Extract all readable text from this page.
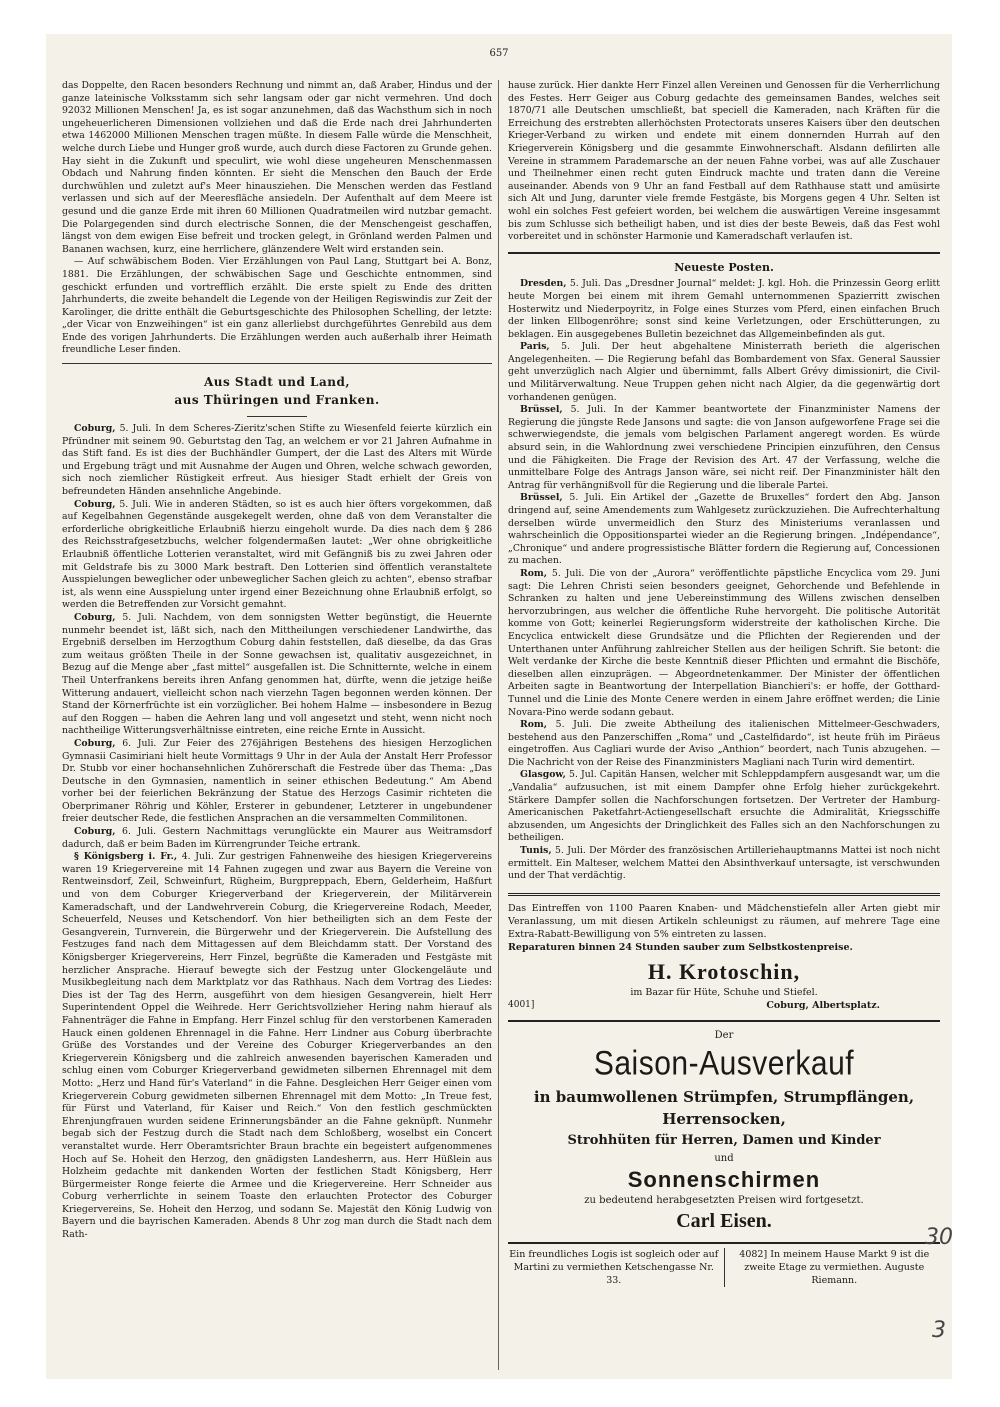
657

das Doppelte, den Racen besonders Rechnung und nimmt an, daß Araber, Hindus und der ganze lateinische Volksstamm sich sehr langsam oder gar nicht vermehren. Und doch 92032 Millionen Menschen! Ja, es ist sogar anzunehmen, daß das Wachsthum sich in noch ungeheuerlicheren Dimensionen vollziehen und daß die Erde nach drei Jahrhunderten etwa 1462000 Millionen Menschen tragen müßte. In diesem Falle würde die Menschheit, welche durch Liebe und Hunger groß wurde, auch durch diese Factoren zu Grunde gehen. Hay sieht in die Zukunft und speculirt, wie wohl diese ungeheuren Menschenmassen Obdach und Nahrung finden könnten. Er sieht die Menschen den Bauch der Erde durchwühlen und zuletzt auf's Meer hinausziehen. Die Menschen werden das Festland verlassen und sich auf der Meeresfläche ansiedeln. Der Aufenthalt auf dem Meere ist gesund und die ganze Erde mit ihren 60 Millionen Quadratmeilen wird nutzbar gemacht. Die Polargegenden sind durch electrische Sonnen, die der Menschengeist geschaffen, längst von dem ewigen Eise befreit und trocken gelegt, in Grönland werden Palmen und Bananen wachsen, kurz, eine herrlichere, glänzendere Welt wird erstanden sein.

— Auf schwäbischem Boden. Vier Erzählungen von Paul Lang, Stuttgart bei A. Bonz, 1881. Die Erzählungen, der schwäbischen Sage und Geschichte entnommen, sind geschickt erfunden und vortrefflich erzählt. Die erste spielt zu Ende des dritten Jahrhunderts, die zweite behandelt die Legende von der Heiligen Regiswindis zur Zeit der Karolinger, die dritte enthält die Geburtsgeschichte des Philosophen Schelling, der letzte: „der Vicar von Enzweihingen“ ist ein ganz allerliebst durchgeführtes Genrebild aus dem Ende des vorigen Jahrhunderts. Die Erzählungen werden auch außerhalb ihrer Heimath freundliche Leser finden.

Aus Stadt und Land,
aus Thüringen und Franken.

Coburg, 5. Juli. In dem Scheres-Zieritz'schen Stifte zu Wiesenfeld feierte kürzlich ein Pfründner mit seinem 90. Geburtstag den Tag, an welchem er vor 21 Jahren Aufnahme in das Stift fand. Es ist dies der Buchhändler Gumpert, der die Last des Alters mit Würde und Ergebung trägt und mit Ausnahme der Augen und Ohren, welche schwach geworden, sich noch ziemlicher Rüstigkeit erfreut. Aus hiesiger Stadt erhielt der Greis von befreundeten Händen ansehnliche Angebinde.

Coburg, 5. Juli. Wie in anderen Städten, so ist es auch hier öfters vorgekommen, daß auf Kegelbahnen Gegenstände ausgekegelt werden, ohne daß von dem Veranstalter die erforderliche obrigkeitliche Erlaubniß hierzu eingeholt wurde. Da dies nach dem § 286 des Reichsstrafgesetzbuchs, welcher folgendermaßen lautet: „Wer ohne obrigkeitliche Erlaubniß öffentliche Lotterien veranstaltet, wird mit Gefängniß bis zu zwei Jahren oder mit Geldstrafe bis zu 3000 Mark bestraft. Den Lotterien sind öffentlich veranstaltete Ausspielungen beweglicher oder unbeweglicher Sachen gleich zu achten“, ebenso strafbar ist, als wenn eine Ausspielung unter irgend einer Bezeichnung ohne Erlaubniß erfolgt, so werden die Betreffenden zur Vorsicht gemahnt.

Coburg, 5. Juli. Nachdem, von dem sonnigsten Wetter begünstigt, die Heuernte nunmehr beendet ist, läßt sich, nach den Mittheilungen verschiedener Landwirthe, das Ergebniß derselben im Herzogthum Coburg dahin feststellen, daß dieselbe, da das Gras zum weitaus größten Theile in der Sonne gewachsen ist, qualitativ ausgezeichnet, in Bezug auf die Menge aber „fast mittel“ ausgefallen ist. Die Schnitternte, welche in einem Theil Unterfrankens bereits ihren Anfang genommen hat, dürfte, wenn die jetzige heiße Witterung andauert, vielleicht schon nach vierzehn Tagen begonnen werden können. Der Stand der Körnerfrüchte ist ein vorzüglicher. Bei hohem Halme — insbesondere in Bezug auf den Roggen — haben die Aehren lang und voll angesetzt und steht, wenn nicht noch nachtheilige Witterungsverhältnisse eintreten, eine reiche Ernte in Aussicht.

Coburg, 6. Juli. Zur Feier des 276jährigen Bestehens des hiesigen Herzoglichen Gymnasii Casimiriani hielt heute Vormittags 9 Uhr in der Aula der Anstalt Herr Professor Dr. Stubb vor einer hochansehnlichen Zuhörerschaft die Festrede über das Thema: „Das Deutsche in den Gymnasien, namentlich in seiner ethischen Bedeutung.“ Am Abend vorher bei der feierlichen Bekränzung der Statue des Herzogs Casimir richteten die Oberprimaner Röhrig und Köhler, Ersterer in gebundener, Letzterer in ungebundener freier deutscher Rede, die festlichen Ansprachen an die versammelten Commilitonen.

Coburg, 6. Juli. Gestern Nachmittags verunglückte ein Maurer aus Weitramsdorf dadurch, daß er beim Baden im Kürrengrunder Teiche ertrank.

§ Königsberg i. Fr., 4. Juli. Zur gestrigen Fahnenweihe des hiesigen Kriegervereins waren 19 Kriegervereine mit 14 Fahnen zugegen und zwar aus Bayern die Vereine von Rentweinsdorf, Zeil, Schweinfurt, Rügheim, Burgpreppach, Ebern, Gelderheim, Haßfurt und von dem Coburger Kriegerverband der Kriegerverein, der Militärverein Kameradschaft, und der Landwehrverein Coburg, die Kriegervereine Rodach, Meeder, Scheuerfeld, Neuses und Ketschendorf. Von hier betheiligten sich an dem Feste der Gesangverein, Turnverein, die Bürgerwehr und der Kriegerverein. Die Aufstellung des Festzuges fand nach dem Mittagessen auf dem Bleichdamm statt. Der Vorstand des Königsberger Kriegervereins, Herr Finzel, begrüßte die Kameraden und Festgäste mit herzlicher Ansprache. Hierauf bewegte sich der Festzug unter Glockengeläute und Musikbegleitung nach dem Marktplatz vor das Rathhaus. Nach dem Vortrag des Liedes: Dies ist der Tag des Herrn, ausgeführt von dem hiesigen Gesangverein, hielt Herr Superintendent Oppel die Weihrede. Herr Gerichtsvollzieher Hering nahm hierauf als Fahnenträger die Fahne in Empfang. Herr Finzel schlug für den verstorbenen Kameraden Hauck einen goldenen Ehrennagel in die Fahne. Herr Lindner aus Coburg überbrachte Grüße des Vorstandes und der Vereine des Coburger Kriegerverbandes an den Kriegerverein Königsberg und die zahlreich anwesenden bayerischen Kameraden und schlug einen vom Coburger Kriegerverband gewidmeten silbernen Ehrennagel mit dem Motto: „Herz und Hand für's Vaterland“ in die Fahne. Desgleichen Herr Geiger einen vom Kriegerverein Coburg gewidmeten silbernen Ehrennagel mit dem Motto: „In Treue fest, für Fürst und Vaterland, für Kaiser und Reich.“ Von den festlich geschmückten Ehrenjungfrauen wurden seidene Erinnerungsbänder an die Fahne geknüpft. Nunmehr begab sich der Festzug durch die Stadt nach dem Schloßberg, woselbst ein Concert veranstaltet wurde. Herr Oberamtsrichter Braun brachte ein begeistert aufgenommenes Hoch auf Se. Hoheit den Herzog, den gnädigsten Landesherrn, aus. Herr Hüßlein aus Holzheim gedachte mit dankenden Worten der festlichen Stadt Königsberg, Herr Bürgermeister Ronge feierte die Armee und die Kriegervereine. Herr Schneider aus Coburg verherrlichte in seinem Toaste den erlauchten Protector des Coburger Kriegervereins, Se. Hoheit den Herzog, und sodann Se. Majestät den König Ludwig von Bayern und die bayrischen Kameraden. Abends 8 Uhr zog man durch die Stadt nach dem Rath-

hause zurück. Hier dankte Herr Finzel allen Vereinen und Genossen für die Verherrlichung des Festes. Herr Geiger aus Coburg gedachte des gemeinsamen Bandes, welches seit 1870/71 alle Deutschen umschließt, bat speciell die Kameraden, nach Kräften für die Erreichung des erstrebten allerhöchsten Protectorats unseres Kaisers über den deutschen Krieger-Verband zu wirken und endete mit einem donnernden Hurrah auf den Kriegerverein Königsberg und die gesammte Einwohnerschaft. Alsdann defilirten alle Vereine in strammem Parademarsche an der neuen Fahne vorbei, was auf alle Zuschauer und Theilnehmer einen recht guten Eindruck machte und traten dann die Vereine auseinander. Abends von 9 Uhr an fand Festball auf dem Rathhause statt und amüsirte sich Alt und Jung, darunter viele fremde Festgäste, bis Morgens gegen 4 Uhr. Selten ist wohl ein solches Fest gefeiert worden, bei welchem die auswärtigen Vereine insgesammt bis zum Schlusse sich betheiligt haben, und ist dies der beste Beweis, daß das Fest wohl vorbereitet und in schönster Harmonie und Kameradschaft verlaufen ist.

Neueste Posten.

Dresden, 5. Juli. Das „Dresdner Journal“ meldet: J. kgl. Hoh. die Prinzessin Georg erlitt heute Morgen bei einem mit ihrem Gemahl unternommenen Spazierritt zwischen Hosterwitz und Niederpoyritz, in Folge eines Sturzes vom Pferd, einen einfachen Bruch der linken Ellbogenröhre; sonst sind keine Verletzungen, oder Erschütterungen, zu beklagen. Ein ausgegebenes Bulletin bezeichnet das Allgemeinbefinden als gut.

Paris, 5. Juli. Der heut abgehaltene Ministerrath berieth die algerischen Angelegenheiten. — Die Regierung befahl das Bombardement von Sfax. General Saussier geht unverzüglich nach Algier und übernimmt, falls Albert Grévy dimissionirt, die Civil- und Militärverwaltung. Neue Truppen gehen nicht nach Algier, da die gegenwärtig dort vorhandenen genügen.

Brüssel, 5. Juli. In der Kammer beantwortete der Finanzminister Namens der Regierung die jüngste Rede Jansons und sagte: die von Janson aufgeworfene Frage sei die schwerwiegendste, die jemals vom belgischen Parlament angeregt worden. Es würde absurd sein, in die Wahlordnung zwei verschiedene Principien einzuführen, den Census und die Fähigkeiten. Die Frage der Revision des Art. 47 der Verfassung, welche die unmittelbare Folge des Antrags Janson wäre, sei nicht reif. Der Finanzminister hält den Antrag für verhängnißvoll für die Regierung und die liberale Partei.

Brüssel, 5. Juli. Ein Artikel der „Gazette de Bruxelles“ fordert den Abg. Janson dringend auf, seine Amendements zum Wahlgesetz zurückzuziehen. Die Aufrechterhaltung derselben würde unvermeidlich den Sturz des Ministeriums veranlassen und wahrscheinlich die Oppositionspartei wieder an die Regierung bringen. „Indépendance“, „Chronique“ und andere progressistische Blätter fordern die Regierung auf, Concessionen zu machen.

Rom, 5. Juli. Die von der „Aurora“ veröffentlichte päpstliche Encyclica vom 29. Juni sagt: Die Lehren Christi seien besonders geeignet, Gehorchende und Befehlende in Schranken zu halten und jene Uebereinstimmung des Willens zwischen denselben hervorzubringen, aus welcher die öffentliche Ruhe hervorgeht. Die politische Autorität komme von Gott; keinerlei Regierungsform widerstreite der katholischen Kirche. Die Encyclica entwickelt diese Grundsätze und die Pflichten der Regierenden und der Unterthanen unter Anführung zahlreicher Stellen aus der heiligen Schrift. Sie betont: die Welt verdanke der Kirche die beste Kenntniß dieser Pflichten und ermahnt die Bischöfe, dieselben allen einzuprägen. — Abgeordnetenkammer. Der Minister der öffentlichen Arbeiten sagte in Beantwortung der Interpellation Bianchieri's: er hoffe, der Gotthard-Tunnel und die Linie des Monte Cenere werden in einem Jahre eröffnet werden; die Linie Novara-Pino werde sodann gebaut.

Rom, 5. Juli. Die zweite Abtheilung des italienischen Mittelmeer-Geschwaders, bestehend aus den Panzerschiffen „Roma“ und „Castelfidardo“, ist heute früh im Piräeus eingetroffen. Aus Cagliari wurde der Aviso „Anthion“ beordert, nach Tunis abzugehen. — Die Nachricht von der Reise des Finanzministers Magliani nach Turin wird dementirt.

Glasgow, 5. Jul. Capitän Hansen, welcher mit Schleppdampfern ausgesandt war, um die „Vandalia“ aufzusuchen, ist mit einem Dampfer ohne Erfolg hieher zurückgekehrt. Stärkere Dampfer sollen die Nachforschungen fortsetzen. Der Vertreter der Hamburg-Americanischen Paketfahrt-Actiengesellschaft ersuchte die Admiralität, Kriegsschiffe abzusenden, um Angesichts der Dringlichkeit des Falles sich an den Nachforschungen zu betheiligen.

Tunis, 5. Juli. Der Mörder des französischen Artilleriehauptmanns Mattei ist noch nicht ermittelt. Ein Malteser, welchem Mattei den Absinthverkauf untersagte, ist verschwunden und der That verdächtig.

Das Eintreffen von 1100 Paaren Knaben- und Mädchenstiefeln aller Arten giebt mir Veranlassung, um mit diesen Artikeln schleunigst zu räumen, auf mehrere Tage eine Extra-Rabatt-Bewilligung von 5% eintreten zu lassen.

Reparaturen binnen 24 Stunden sauber zum Selbstkostenpreise.

H. Krotoschin,
im Bazar für Hüte, Schuhe und Stiefel.
4001]	Coburg, Albertsplatz.
Der
Saison-Ausverkauf
in baumwollenen Strümpfen, Strumpflängen,
Herrensocken,
Strohhüten für Herren, Damen und Kinder
und
Sonnenschirmen
zu bedeutend herabgesetzten Preisen wird fortgesetzt.
Carl Eisen.
Ein freundliches Logis ist sogleich oder auf Martini zu vermiethen Ketschengasse Nr. 33.
4082] In meinem Hause Markt 9 ist die zweite Etage zu vermiethen. Auguste Riemann.
30
3
